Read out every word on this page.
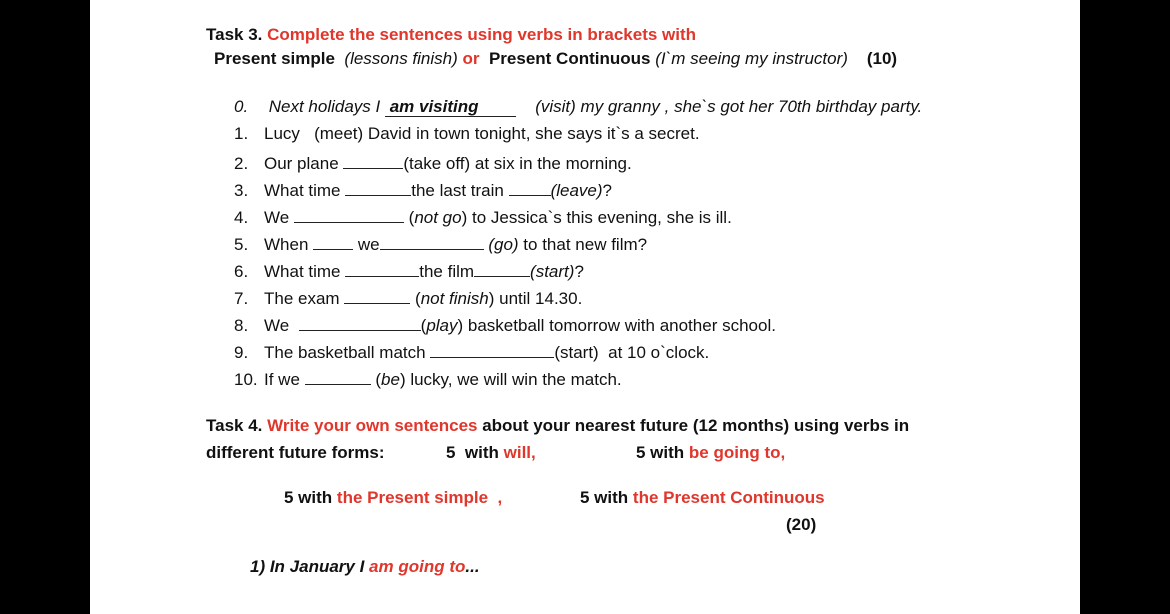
Task 3. Complete the sentences using verbs in brackets with
Present simple (lessons finish) or Present Continuous (I`m seeing my instructor) (10)
0. Next holidays I am visiting	(visit) my granny , she`s got her 70th birthday party.
1. Lucy   (meet) David in town tonight, she says it`s a secret.
2. Our plane	(take off) at six in the morning.
3. What time	the last train (leave)?
4. We	(not go) to Jessica`s this evening, she is ill.
5. When  we	(go) to that new film?
6. What time	the film	(start)?
7. The exam	(not finish) until 14.30.
8. We	(play) basketball tomorrow with another school.
9. The basketball match	(start)  at 10 o`clock.
10. If we	(be) lucky, we will win the match.
Task 4. Write your own sentences about your nearest future (12 months) using verbs in
different future forms:	5  with will,	5 with be going to,
5 with the Present simple  ,	5 with the Present Continuous
(20)
1) In January I am going to...
